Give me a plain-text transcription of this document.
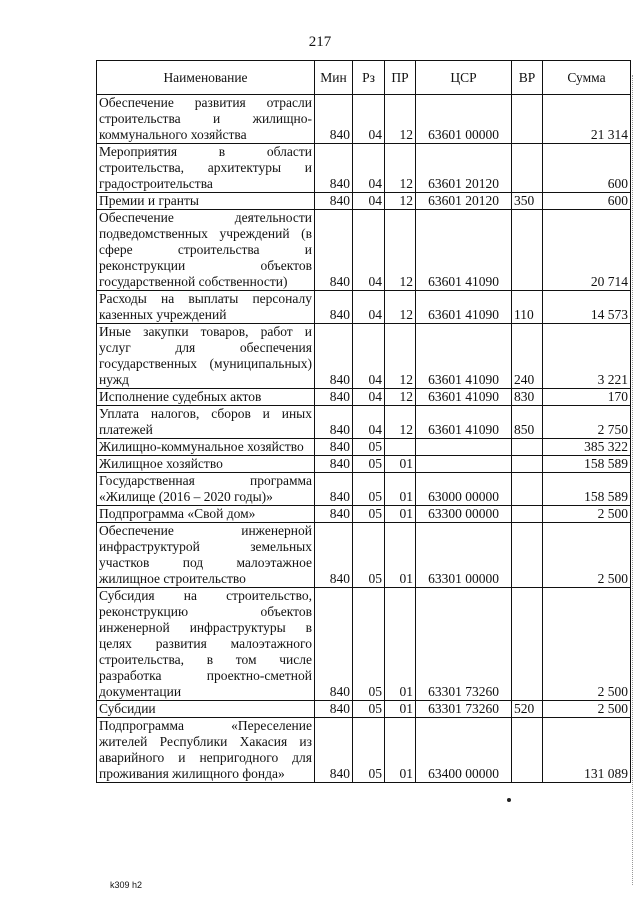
217
Наименование	Мин	Рз	ПР	ЦСР	ВР	Сумма
Обеспечение развития отрасли строительства и жилищно-коммунального хозяйства	840	04	12	63601 00000		21 314
Мероприятия в области строительства, архитектуры и градостроительства	840	04	12	63601 20120		600
Премии и гранты	840	04	12	63601 20120	350	600
Обеспечение деятельности подведомственных учреждений (в сфере строительства и реконструкции объектов государственной собственности)	840	04	12	63601 41090		20 714
Расходы на выплаты персоналу казенных учреждений	840	04	12	63601 41090	110	14 573
Иные закупки товаров, работ и услуг для обеспечения государственных (муниципальных) нужд	840	04	12	63601 41090	240	3 221
Исполнение судебных актов	840	04	12	63601 41090	830	170
Уплата налогов, сборов и иных платежей	840	04	12	63601 41090	850	2 750
Жилищно-коммунальное хозяйство	840	05				385 322
Жилищное хозяйство	840	05	01			158 589
Государственная программа «Жилище (2016 – 2020 годы)»	840	05	01	63000 00000		158 589
Подпрограмма «Свой дом»	840	05	01	63300 00000		2 500
Обеспечение инженерной инфраструктурой земельных участков под малоэтажное жилищное строительство	840	05	01	63301 00000		2 500
Субсидия на строительство, реконструкцию объектов инженерной инфраструктуры в целях развития малоэтажного строительства, в том числе разработка проектно-сметной документации	840	05	01	63301 73260		2 500
Субсидии	840	05	01	63301 73260	520	2 500
Подпрограмма «Переселение жителей Республики Хакасия из аварийного и непригодного для проживания жилищного фонда»	840	05	01	63400 00000		131 089
k309 h2
